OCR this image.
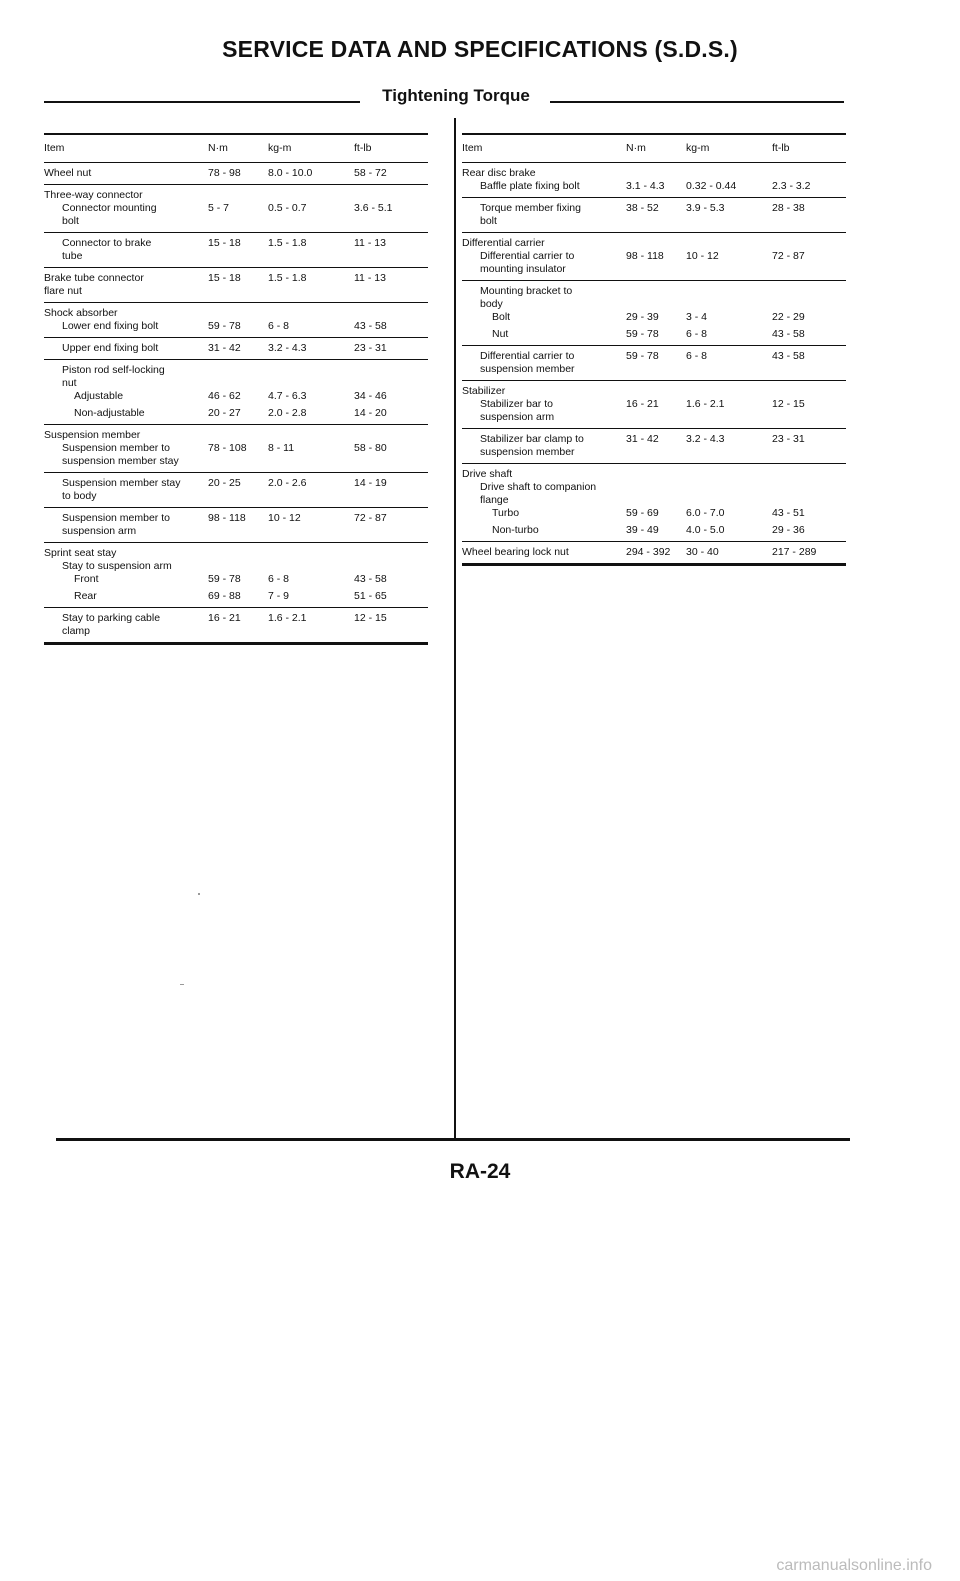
SERVICE DATA AND SPECIFICATIONS (S.D.S.)
Tightening Torque
Item	N·m	kg-m	ft-lb
Wheel nut	78 - 98	8.0 - 10.0	58 - 72
Three-way connector			
Connector mounting
bolt	5 - 7	0.5 - 0.7	3.6 - 5.1
Connector to brake
tube	15 - 18	1.5 - 1.8	11 - 13
Brake tube connector
flare nut	15 - 18	1.5 - 1.8	11 - 13
Shock absorber			
Lower end fixing bolt	59 - 78	6 - 8	43 - 58
Upper end fixing bolt	31 - 42	3.2 - 4.3	23 - 31
Piston rod self-locking
nut			
Adjustable	46 - 62	4.7 - 6.3	34 - 46
Non-adjustable	20 - 27	2.0 - 2.8	14 - 20
Suspension member			
Suspension member to
suspension member stay	78 - 108	8 - 11	58 - 80
Suspension member stay
to body	20 - 25	2.0 - 2.6	14 - 19
Suspension member to
suspension arm	98 - 118	10 - 12	72 - 87
Sprint seat stay			
Stay to suspension arm			
Front	59 - 78	6 - 8	43 - 58
Rear	69 - 88	7 - 9	51 - 65
Stay to parking cable
clamp	16 - 21	1.6 - 2.1	12 - 15
Item	N·m	kg-m	ft-lb
Rear disc brake			
Baffle plate fixing bolt	3.1 - 4.3	0.32 - 0.44	2.3 - 3.2
Torque member fixing
bolt	38 - 52	3.9 - 5.3	28 - 38
Differential carrier			
Differential carrier to
mounting insulator	98 - 118	10 - 12	72 - 87
Mounting bracket to
body			
Bolt	29 - 39	3 - 4	22 - 29
Nut	59 - 78	6 - 8	43 - 58
Differential carrier to
suspension member	59 - 78	6 - 8	43 - 58
Stabilizer			
Stabilizer bar to
suspension arm	16 - 21	1.6 - 2.1	12 - 15
Stabilizer bar clamp to
suspension member	31 - 42	3.2 - 4.3	23 - 31
Drive shaft			
Drive shaft to companion
flange			
Turbo	59 - 69	6.0 - 7.0	43 - 51
Non-turbo	39 - 49	4.0 - 5.0	29 - 36
Wheel bearing lock nut	294 - 392	30 - 40	217 - 289
RA-24
carmanualsonline.info
